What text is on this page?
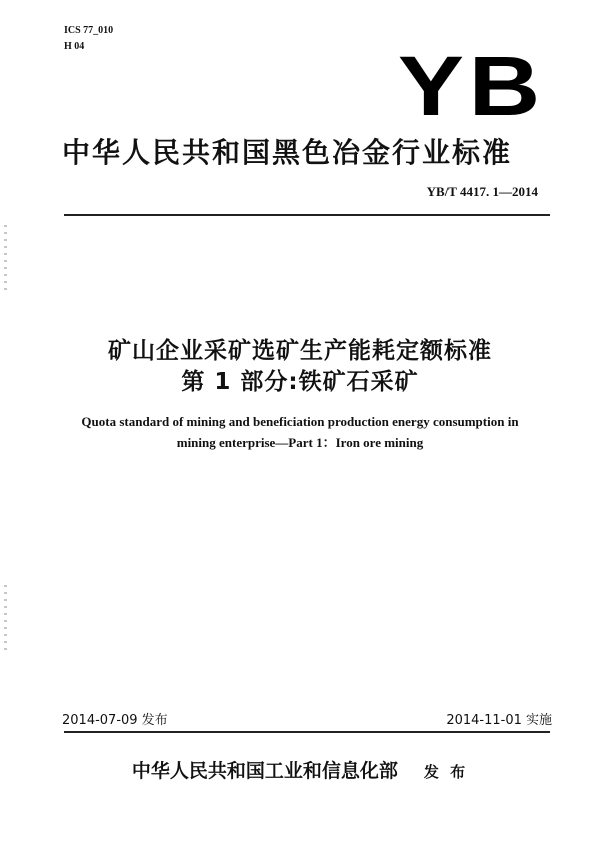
ICS 77_010
H 04	YB
中华人民共和国黑色冶金行业标准
YB/T 4417. 1—2014
矿山企业采矿选矿生产能耗定额标准
第 1 部分:铁矿石采矿
Quota standard of mining and beneficiation production energy consumption in
mining enterprise—Part 1：Iron ore mining
2014-07-09 发布	2014-11-01 实施
中华人民共和国工业和信息化部 发 布
